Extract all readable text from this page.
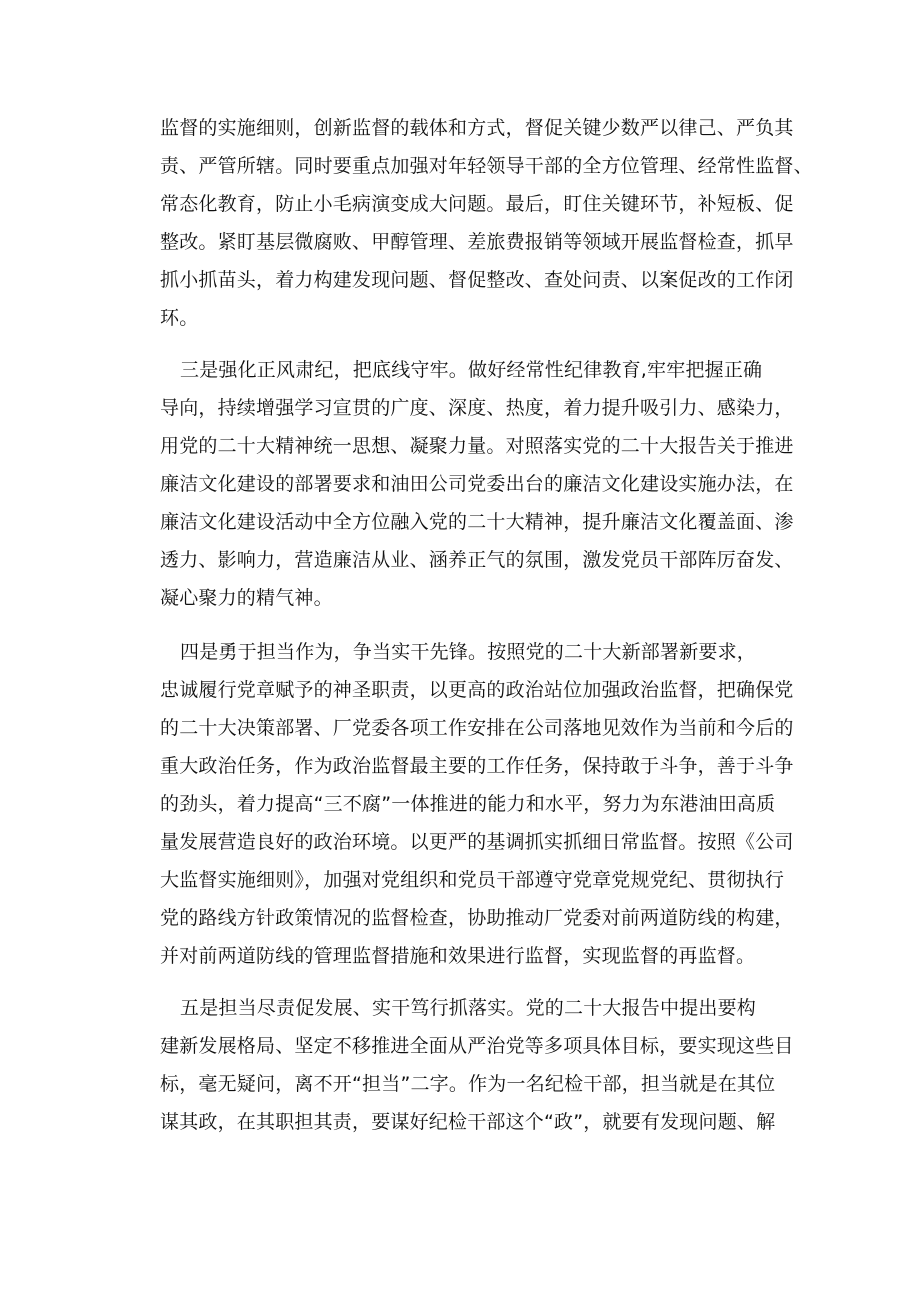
监督的实施细则，创新监督的载体和方式，督促关键少数严以律己、严负其
责、严管所辖。同时要重点加强对年轻领导干部的全方位管理、经常性监督、
常态化教育，防止小毛病演变成大问题。最后，盯住关键环节，补短板、促
整改。紧盯基层微腐败、甲醇管理、差旅费报销等领域开展监督检查，抓早
抓小抓苗头，着力构建发现问题、督促整改、查处问责、以案促改的工作闭
环。
三是强化正风肃纪，把底线守牢。做好经常性纪律教育,牢牢把握正确
导向，持续增强学习宣贯的广度、深度、热度，着力提升吸引力、感染力，
用党的二十大精神统一思想、凝聚力量。对照落实党的二十大报告关于推进
廉洁文化建设的部署要求和油田公司党委出台的廉洁文化建设实施办法，在
廉洁文化建设活动中全方位融入党的二十大精神，提升廉洁文化覆盖面、渗
透力、影响力，营造廉洁从业、涵养正气的氛围，激发党员干部阵厉奋发、
凝心聚力的精气神。
四是勇于担当作为，争当实干先锋。按照党的二十大新部署新要求，
忠诚履行党章赋予的神圣职责，以更高的政治站位加强政治监督，把确保党
的二十大决策部署、厂党委各项工作安排在公司落地见效作为当前和今后的
重大政治任务，作为政治监督最主要的工作任务，保持敢于斗争，善于斗争
的劲头，着力提高“三不腐”一体推进的能力和水平，努力为东港油田高质
量发展营造良好的政治环境。以更严的基调抓实抓细日常监督。按照《公司
大监督实施细则》，加强对党组织和党员干部遵守党章党规党纪、贯彻执行
党的路线方针政策情况的监督检查，协助推动厂党委对前两道防线的构建，
并对前两道防线的管理监督措施和效果进行监督，实现监督的再监督。
五是担当尽责促发展、实干笃行抓落实。党的二十大报告中提出要构
建新发展格局、坚定不移推进全面从严治党等多项具体目标，要实现这些目
标，毫无疑问，离不开“担当”二字。作为一名纪检干部，担当就是在其位
谋其政，在其职担其责，要谋好纪检干部这个“政”，就要有发现问题、解
